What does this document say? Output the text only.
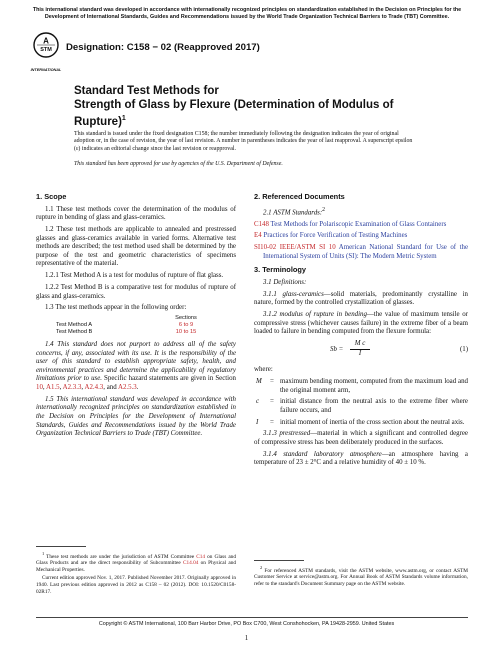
This international standard was developed in accordance with internationally recognized principles on standardization established in the Decision on Principles for the Development of International Standards, Guides and Recommendations issued by the World Trade Organization Technical Barriers to Trade (TBT) Committee.
A
STM
INTERNATIONAL
Designation: C158 − 02 (Reapproved 2017)
Standard Test Methods for
Strength of Glass by Flexure (Determination of Modulus of Rupture)$^1$
This standard is issued under the fixed designation C158; the number immediately following the designation indicates the year of original adoption or, in the case of revision, the year of last revision. A number in parentheses indicates the year of last reapproval. A superscript epsilon (ε) indicates an editorial change since the last revision or reapproval.
This standard has been approved for use by agencies of the U.S. Department of Defense.
1. Scope

1.1 These test methods cover the determination of the modulus of rupture in bending of glass and glass-ceramics.

1.2 These test methods are applicable to annealed and prestressed glasses and glass-ceramics available in varied forms. Alternative test methods are described; the test method used shall be determined by the purpose of the test and geometric characteristics of specimens representative of the material.

1.2.1 Test Method A is a test for modulus of rupture of flat glass.

1.2.2 Test Method B is a comparative test for modulus of rupture of glass and glass-ceramics.

1.3 The test methods appear in the following order:

Sections
Test Method A	6 to 9
Test Method B	10 to 15

1.4 This standard does not purport to address all of the safety concerns, if any, associated with its use. It is the responsibility of the user of this standard to establish appropriate safety, health, and environmental practices and determine the applicability of regulatory limitations prior to use. Specific hazard statements are given in Section 10, A1.5, A2.3.3, A2.4.3, and A2.5.3.

1.5 This international standard was developed in accordance with internationally recognized principles on standardization established in the Decision on Principles for the Development of International Standards, Guides and Recommendations issued by the World Trade Organization Technical Barriers to Trade (TBT) Committee.

$^1$ These test methods are under the jurisdiction of ASTM Committee C14 on Glass and Glass Products and are the direct responsibility of Subcommittee C14.04 on Physical and Mechanical Properties.

Current edition approved Nov. 1, 2017. Published November 2017. Originally approved in 1940. Last previous edition approved in 2012 as C158 – 02 (2012). DOI: 10.1520/C0158-02R17.

2. Referenced Documents

2.1 ASTM Standards:$^2$

C148 Test Methods for Polariscopic Examination of Glass Containers

E4 Practices for Force Verification of Testing Machines

SI10-02 IEEE/ASTM SI 10 American National Standard for Use of the International System of Units (SI): The Modern Metric System

3. Terminology

3.1 Definitions:

3.1.1 glass-ceramics—solid materials, predominantly crystalline in nature, formed by the controlled crystallization of glasses.

3.1.2 modulus of rupture in bending—the value of maximum tensile or compressive stress (whichever causes failure) in the extreme fiber of a beam loaded to failure in bending computed from the flexure formula:

$Sb = \frac{\text{M c}}{I}$	(1)

where:

M = maximum bending moment, computed from the maximum load and the original moment arm,

c = initial distance from the neutral axis to the extreme fiber where failure occurs, and

I = initial moment of inertia of the cross section about the neutral axis.

3.1.3 prestressed—material in which a significant and controlled degree of compressive stress has been deliberately produced in the surfaces.

3.1.4 standard laboratory atmosphere—an atmosphere having a temperature of 23 ± 2°C and a relative humidity of 40 ± 10 %.

$^2$ For referenced ASTM standards, visit the ASTM website, www.astm.org, or contact ASTM Customer Service at service@astm.org. For Annual Book of ASTM Standards volume information, refer to the standard's Document Summary page on the ASTM website.

Copyright © ASTM International, 100 Barr Harbor Drive, PO Box C700, West Conshohocken, PA 19428-2959. United States
1
